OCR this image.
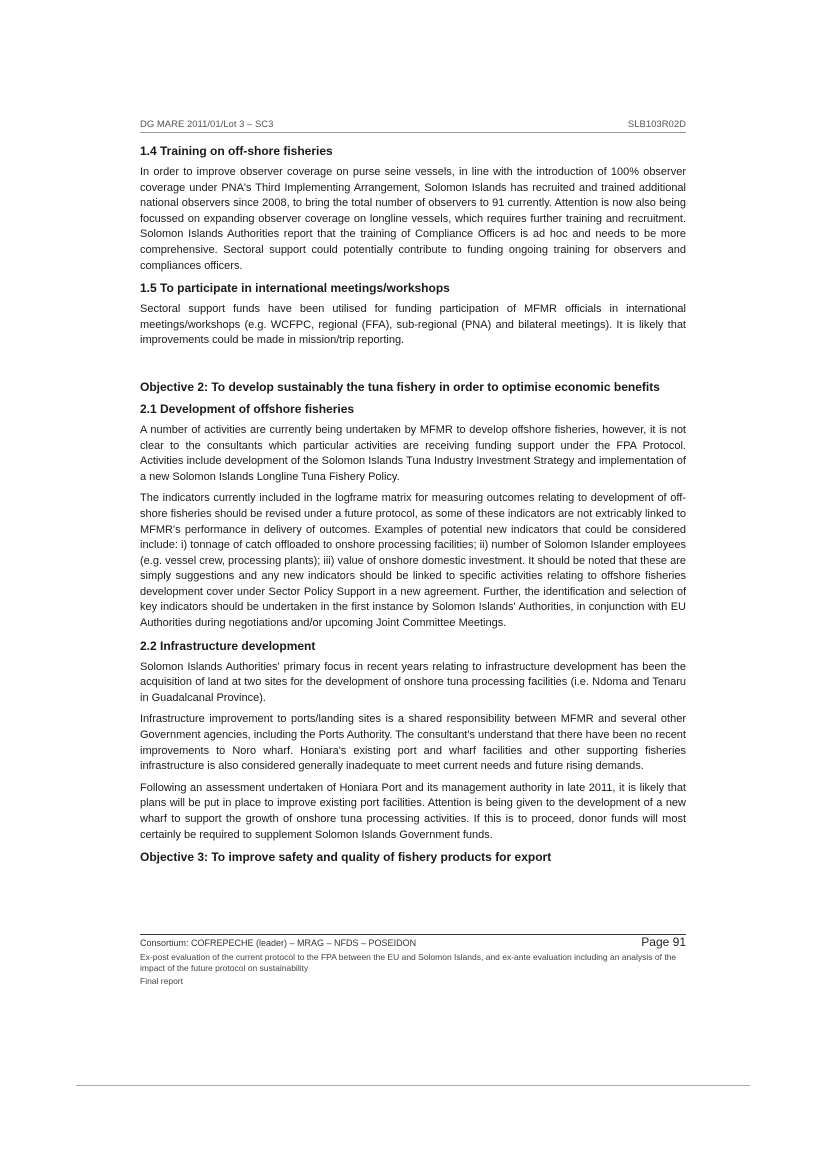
DG MARE 2011/01/Lot 3 – SC3	SLB103R02D
1.4 Training on off-shore fisheries

In order to improve observer coverage on purse seine vessels, in line with the introduction of 100% observer coverage under PNA's Third Implementing Arrangement, Solomon Islands has recruited and trained additional national observers since 2008, to bring the total number of observers to 91 currently. Attention is now also being focussed on expanding observer coverage on longline vessels, which requires further training and recruitment. Solomon Islands Authorities report that the training of Compliance Officers is ad hoc and needs to be more comprehensive. Sectoral support could potentially contribute to funding ongoing training for observers and compliances officers.

1.5 To participate in international meetings/workshops

Sectoral support funds have been utilised for funding participation of MFMR officials in international meetings/workshops (e.g. WCFPC, regional (FFA), sub-regional (PNA) and bilateral meetings). It is likely that improvements could be made in mission/trip reporting.

Objective 2: To develop sustainably the tuna fishery in order to optimise economic benefits
2.1 Development of offshore fisheries

A number of activities are currently being undertaken by MFMR to develop offshore fisheries, however, it is not clear to the consultants which particular activities are receiving funding support under the FPA Protocol. Activities include development of the Solomon Islands Tuna Industry Investment Strategy and implementation of a new Solomon Islands Longline Tuna Fishery Policy.

The indicators currently included in the logframe matrix for measuring outcomes relating to development of off-shore fisheries should be revised under a future protocol, as some of these indicators are not extricably linked to MFMR's performance in delivery of outcomes. Examples of potential new indicators that could be considered include: i) tonnage of catch offloaded to onshore processing facilities; ii) number of Solomon Islander employees (e.g. vessel crew, processing plants); iii) value of onshore domestic investment. It should be noted that these are simply suggestions and any new indicators should be linked to specific activities relating to offshore fisheries development cover under Sector Policy Support in a new agreement. Further, the identification and selection of key indicators should be undertaken in the first instance by Solomon Islands' Authorities, in conjunction with EU Authorities during negotiations and/or upcoming Joint Committee Meetings.

2.2 Infrastructure development

Solomon Islands Authorities' primary focus in recent years relating to infrastructure development has been the acquisition of land at two sites for the development of onshore tuna processing facilities (i.e. Ndoma and Tenaru in Guadalcanal Province).

Infrastructure improvement to ports/landing sites is a shared responsibility between MFMR and several other Government agencies, including the Ports Authority. The consultant's understand that there have been no recent improvements to Noro wharf. Honiara's existing port and wharf facilities and other supporting fisheries infrastructure is also considered generally inadequate to meet current needs and future rising demands.

Following an assessment undertaken of Honiara Port and its management authority in late 2011, it is likely that plans will be put in place to improve existing port facilities. Attention is being given to the development of a new wharf to support the growth of onshore tuna processing activities. If this is to proceed, donor funds will most certainly be required to supplement Solomon Islands Government funds.

Objective 3: To improve safety and quality of fishery products for export
Consortium: COFREPECHE (leader) – MRAG – NFDS – POSEIDON	Page 91
Ex-post evaluation of the current protocol to the FPA between the EU and Solomon Islands, and ex-ante evaluation including an analysis of the impact of the future protocol on sustainability
Final report
